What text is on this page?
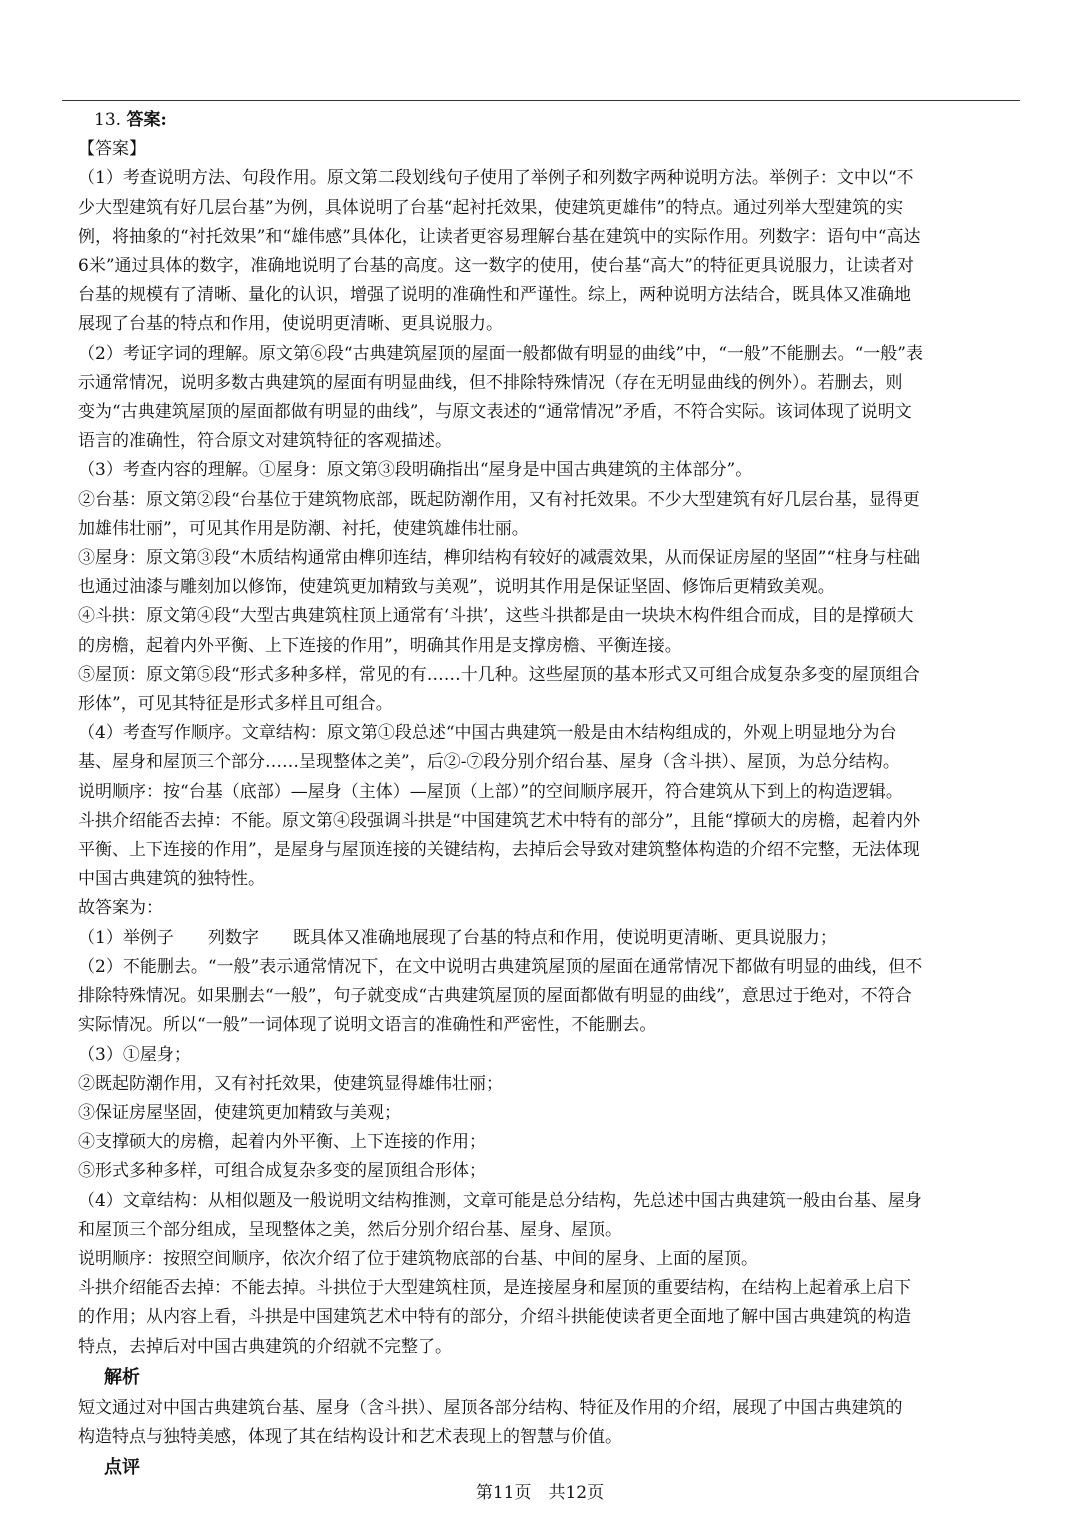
13. 答案:

【答案】

（1）考查说明方法、句段作用。原文第二段划线句子使用了举例子和列数字两种说明方法。举例子：文中以“不

少大型建筑有好几层台基”为例，具体说明了台基“起衬托效果，使建筑更雄伟”的特点。通过列举大型建筑的实

例，将抽象的“衬托效果”和“雄伟感”具体化，让读者更容易理解台基在建筑中的实际作用。列数字：语句中“高达

6米”通过具体的数字，准确地说明了台基的高度。这一数字的使用，使台基“高大”的特征更具说服力，让读者对

台基的规模有了清晰、量化的认识，增强了说明的准确性和严谨性。综上，两种说明方法结合，既具体又准确地

展现了台基的特点和作用，使说明更清晰、更具说服力。

（2）考证字词的理解。原文第⑥段“古典建筑屋顶的屋面一般都做有明显的曲线”中，“一般”不能删去。“一般”表

示通常情况，说明多数古典建筑的屋面有明显曲线，但不排除特殊情况（存在无明显曲线的例外）。若删去，则

变为“古典建筑屋顶的屋面都做有明显的曲线”，与原文表述的“通常情况”矛盾，不符合实际。该词体现了说明文

语言的准确性，符合原文对建筑特征的客观描述。

（3）考查内容的理解。①屋身：原文第③段明确指出“屋身是中国古典建筑的主体部分”。

②台基：原文第②段“台基位于建筑物底部，既起防潮作用，又有衬托效果。不少大型建筑有好几层台基，显得更

加雄伟壮丽”，可见其作用是防潮、衬托，使建筑雄伟壮丽。

③屋身：原文第③段“木质结构通常由榫卯连结，榫卯结构有较好的减震效果，从而保证房屋的坚固”“柱身与柱础

也通过油漆与雕刻加以修饰，使建筑更加精致与美观”，说明其作用是保证坚固、修饰后更精致美观。

④斗拱：原文第④段“大型古典建筑柱顶上通常有‘斗拱’，这些斗拱都是由一块块木构件组合而成，目的是撑硕大

的房檐，起着内外平衡、上下连接的作用”，明确其作用是支撑房檐、平衡连接。

⑤屋顶：原文第⑤段“形式多种多样，常见的有……十几种。这些屋顶的基本形式又可组合成复杂多变的屋顶组合

形体”，可见其特征是形式多样且可组合。

（4）考查写作顺序。文章结构：原文第①段总述“中国古典建筑一般是由木结构组成的，外观上明显地分为台

基、屋身和屋顶三个部分……呈现整体之美”，后②-⑦段分别介绍台基、屋身（含斗拱）、屋顶，为总分结构。

说明顺序：按“台基（底部）—屋身（主体）—屋顶（上部）”的空间顺序展开，符合建筑从下到上的构造逻辑。

斗拱介绍能否去掉：不能。原文第④段强调斗拱是“中国建筑艺术中特有的部分”，且能“撑硕大的房檐，起着内外

平衡、上下连接的作用”，是屋身与屋顶连接的关键结构，去掉后会导致对建筑整体构造的介绍不完整，无法体现

中国古典建筑的独特性。

故答案为：

（1）举例子　　列数字　　既具体又准确地展现了台基的特点和作用，使说明更清晰、更具说服力；

（2）不能删去。“一般”表示通常情况下，在文中说明古典建筑屋顶的屋面在通常情况下都做有明显的曲线，但不

排除特殊情况。如果删去“一般”，句子就变成“古典建筑屋顶的屋面都做有明显的曲线”，意思过于绝对，不符合

实际情况。所以“一般”一词体现了说明文语言的准确性和严密性，不能删去。

（3）①屋身；

②既起防潮作用，又有衬托效果，使建筑显得雄伟壮丽；

③保证房屋坚固，使建筑更加精致与美观；

④支撑硕大的房檐，起着内外平衡、上下连接的作用；

⑤形式多种多样，可组合成复杂多变的屋顶组合形体；

（4）文章结构：从相似题及一般说明文结构推测，文章可能是总分结构，先总述中国古典建筑一般由台基、屋身

和屋顶三个部分组成，呈现整体之美，然后分别介绍台基、屋身、屋顶。

说明顺序：按照空间顺序，依次介绍了位于建筑物底部的台基、中间的屋身、上面的屋顶。

斗拱介绍能否去掉：不能去掉。斗拱位于大型建筑柱顶，是连接屋身和屋顶的重要结构，在结构上起着承上启下

的作用；从内容上看，斗拱是中国建筑艺术中特有的部分，介绍斗拱能使读者更全面地了解中国古典建筑的构造

特点，去掉后对中国古典建筑的介绍就不完整了。

解析

短文通过对中国古典建筑台基、屋身（含斗拱）、屋顶各部分结构、特征及作用的介绍，展现了中国古典建筑的

构造特点与独特美感，体现了其在结构设计和艺术表现上的智慧与价值。

点评

第11页　共12页
